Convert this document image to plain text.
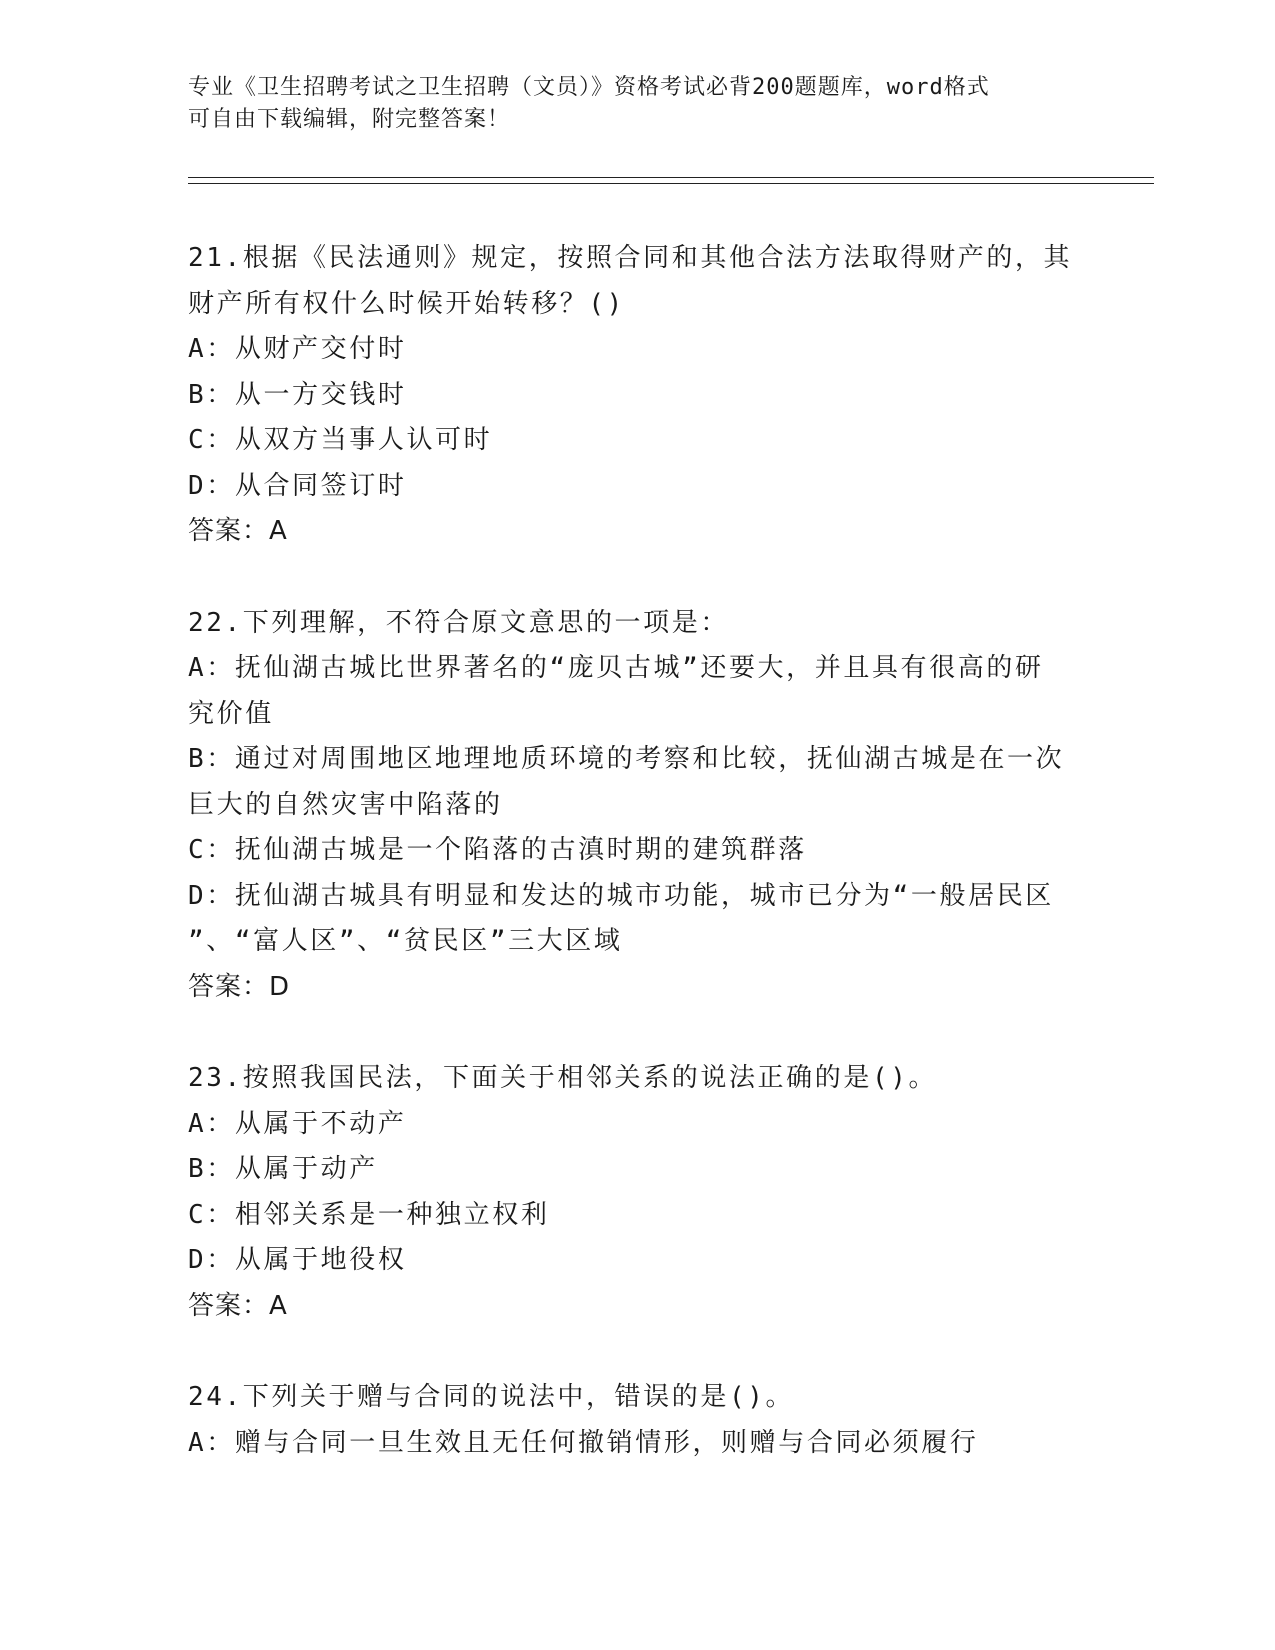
专业《卫生招聘考试之卫生招聘（文员）》资格考试必背200题题库，word格式
可自由下载编辑，附完整答案！

21.根据《民法通则》规定，按照合同和其他合法方法取得财产的，其

财产所有权什么时候开始转移？()

A：从财产交付时

B：从一方交钱时

C：从双方当事人认可时

D：从合同签订时

答案：A

22.下列理解，不符合原文意思的一项是：

A：抚仙湖古城比世界著名的“庞贝古城”还要大，并且具有很高的研

究价值

B：通过对周围地区地理地质环境的考察和比较，抚仙湖古城是在一次

巨大的自然灾害中陷落的

C：抚仙湖古城是一个陷落的古滇时期的建筑群落

D：抚仙湖古城具有明显和发达的城市功能，城市已分为“一般居民区

”、“富人区”、“贫民区”三大区域

答案：D

23.按照我国民法，下面关于相邻关系的说法正确的是()。

A：从属于不动产

B：从属于动产

C：相邻关系是一种独立权利

D：从属于地役权

答案：A

24.下列关于赠与合同的说法中，错误的是()。

A：赠与合同一旦生效且无任何撤销情形，则赠与合同必须履行
